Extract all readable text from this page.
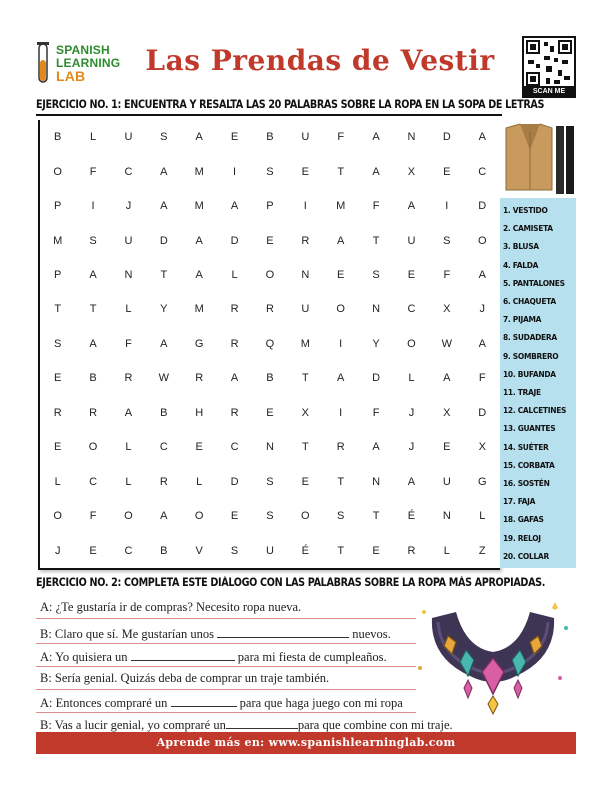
SPANISH
LEARNING
LAB	Las Prendas de Vestir
SCAN ME
EJERCICIO NO. 1: ENCUENTRA Y RESALTA LAS 20 PALABRAS SOBRE LA ROPA EN LA SOPA DE LETRAS
B	L	U	S	A	E	B	U	F	A	N	D	A
O	F	C	A	M	I	S	E	T	A	X	E	C
P	I	J	A	M	A	P	I	M	F	A	I	D
M	S	U	D	A	D	E	R	A	T	U	S	O
P	A	N	T	A	L	O	N	E	S	E	F	A
T	T	L	Y	M	R	R	U	O	N	C	X	J
S	A	F	A	G	R	Q	M	I	Y	O	W	A
E	B	R	W	R	A	B	T	A	D	L	A	F
R	R	A	B	H	R	E	X	I	F	J	X	D
E	O	L	C	E	C	N	T	R	A	J	E	X
L	C	L	R	L	D	S	E	T	N	A	U	G
O	F	O	A	O	E	S	O	S	T	É	N	L
J	E	C	B	V	S	U	É	T	E	R	L	Z
1. VESTIDO
2. CAMISETA
3. BLUSA
4. FALDA
5. PANTALONES
6. CHAQUETA
7. PIJAMA
8. SUDADERA
9. SOMBRERO
10. BUFANDA
11. TRAJE
12. CALCETINES
13. GUANTES
14. SUÉTER
15. CORBATA
16. SOSTÉN
17. FAJA
18. GAFAS
19. RELOJ
20. COLLAR
EJERCICIO NO. 2: COMPLETA ESTE DIÁLOGO CON LAS PALABRAS SOBRE LA ROPA MÁS APROPIADAS.
A: ¿Te gustaría ir de compras? Necesito ropa nueva.
B: Claro que sí. Me gustarían unos	nuevos.
A: Yo quisiera un	para mi fiesta de cumpleaños.
B: Sería genial. Quizás deba de comprar un traje también.
A: Entonces compraré un	para que haga juego con mi ropa
B: Vas a lucir genial, yo compraré un	para que combine con mi traje.
Aprende más en: www.spanishlearninglab.com
